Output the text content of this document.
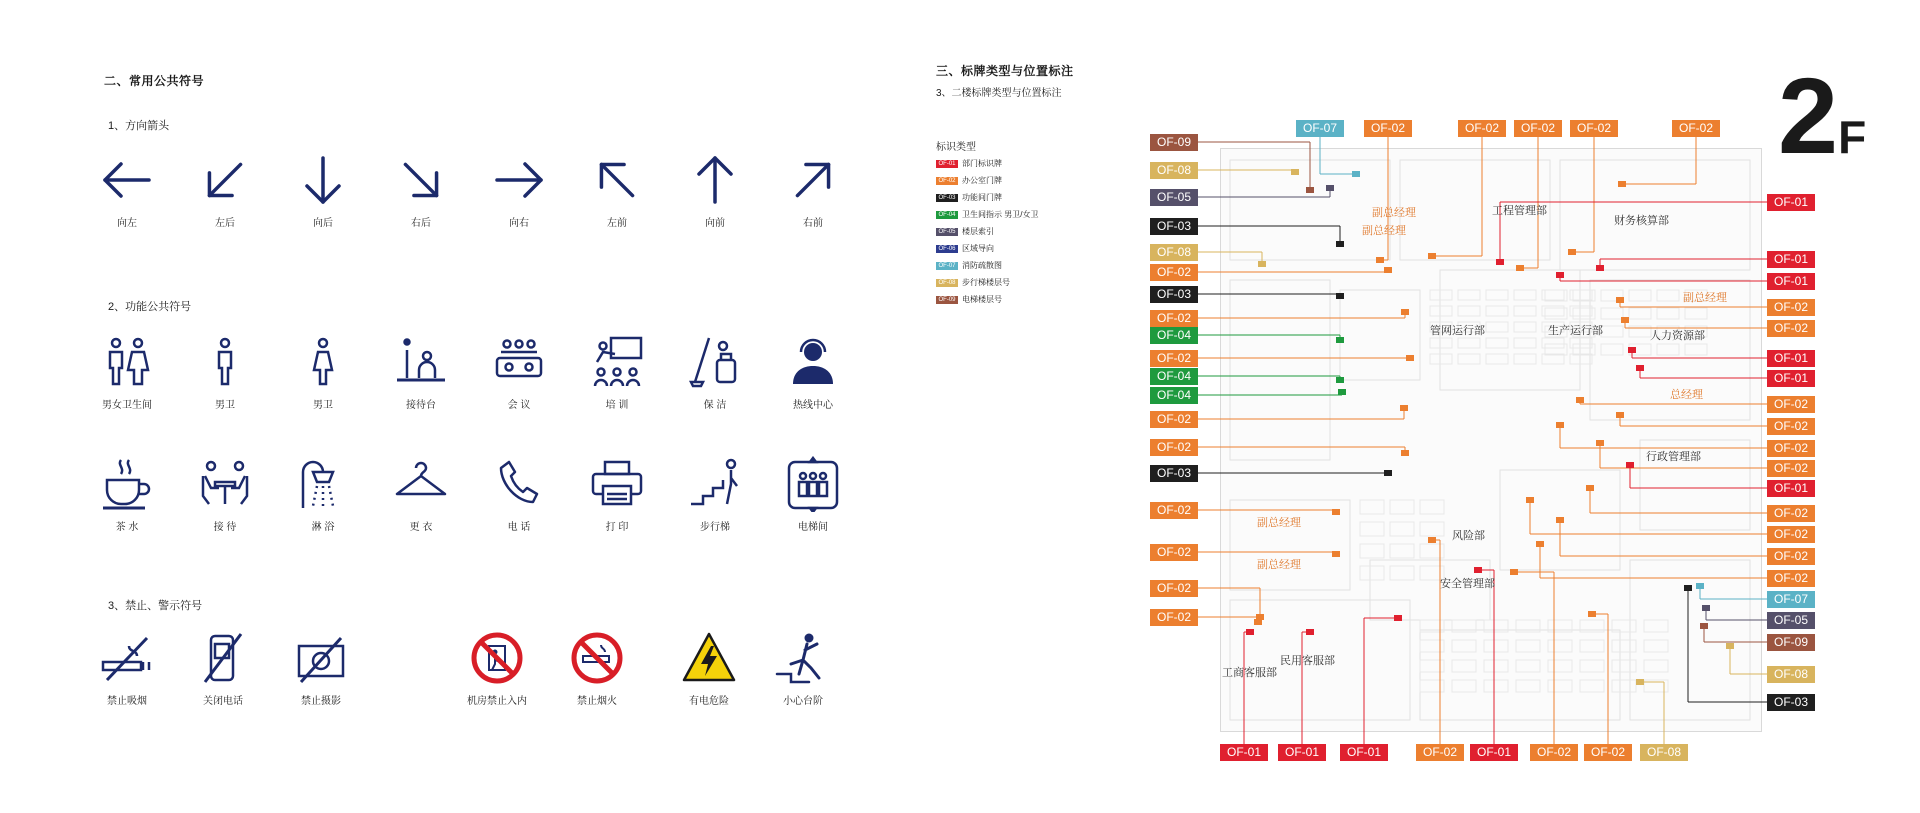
二、常用公共符号
1、方向箭头
向左	左后	向后	右后	向右	左前	向前	右前
2、功能公共符号
男女卫生间	男卫	男卫	接待台	会 议	培 训	保 洁	热线中心
茶 水	接 待	淋 浴	更 衣	电 话	打 印	步行梯	电梯间
3、禁止、警示符号
禁止吸烟	关闭电话	禁止摄影	机房禁止入内	禁止烟火	有电危险	小心台阶
三、标牌类型与位置标注
3、二楼标牌类型与位置标注
标识类型
OF-01 部门标识牌
OF-02 办公室门牌
OF-03 功能间门牌
OF-04 卫生间指示 男卫/女卫
OF-05 楼层索引
OF-06 区域导向
OF-07 消防疏散图
OF-08 步行梯楼层号
OF-09 电梯楼层号
2F
副总经理
副总经理
工程管理部
财务核算部
副总经理
管网运行部	生产运行部	人力资源部
总经理
行政管理部
副总经理
风险部
副总经理
安全管理部
民用客服部
工商客服部
OF-09
OF-08
OF-05
OF-03
OF-08
OF-02
OF-03
OF-02
OF-04
OF-02
OF-04
OF-04
OF-02
OF-02
OF-03
OF-02
OF-02
OF-02
OF-02
OF-07	OF-02	OF-02	OF-02	OF-02	OF-02
OF-01
OF-01
OF-01
OF-02
OF-02
OF-01
OF-01
OF-02
OF-02
OF-02
OF-02
OF-01
OF-02
OF-02
OF-02
OF-02
OF-07
OF-05
OF-09
OF-08
OF-03
OF-01	OF-01	OF-01	OF-02	OF-01	OF-02	OF-02	OF-08
